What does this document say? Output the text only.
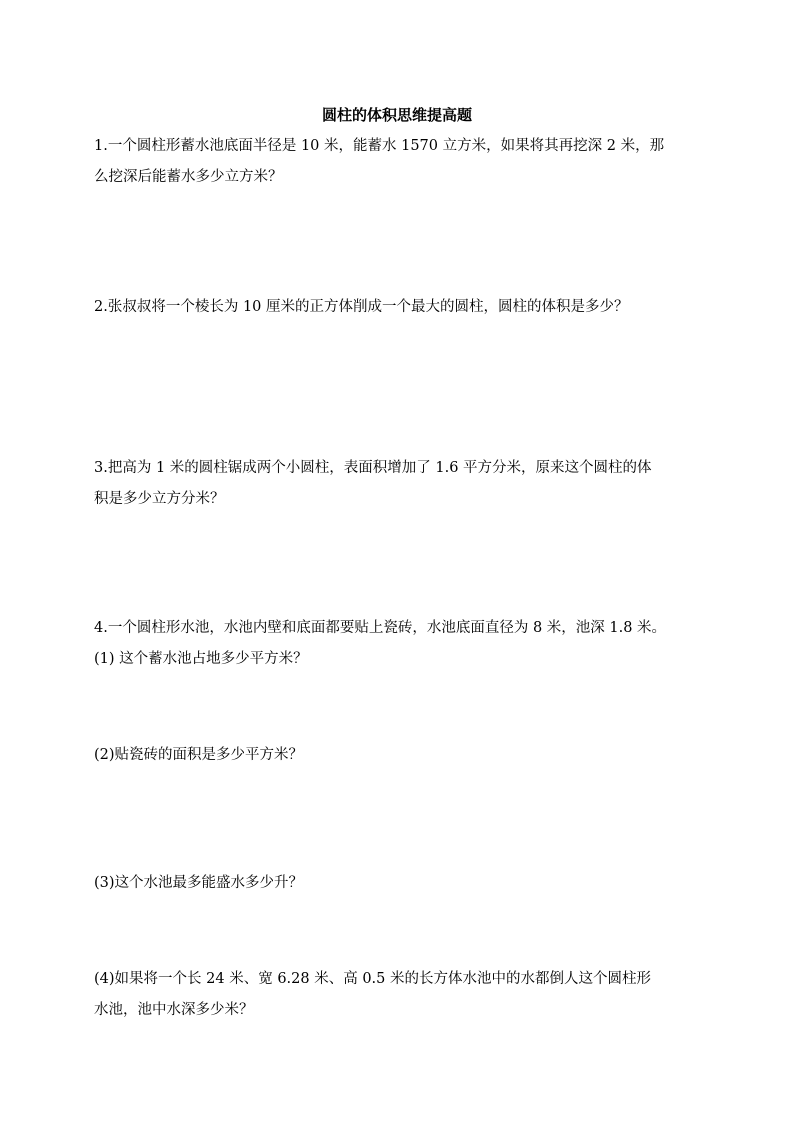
圆柱的体积思维提高题
1.一个圆柱形蓄水池底面半径是 10 米，能蓄水 1570 立方米，如果将其再挖深 2 米，那
么挖深后能蓄水多少立方米？
2.张叔叔将一个棱长为 10 厘米的正方体削成一个最大的圆柱，圆柱的体积是多少？
3.把高为 1 米的圆柱锯成两个小圆柱，表面积增加了 1.6 平方分米，原来这个圆柱的体
积是多少立方分米？
4.一个圆柱形水池，水池内壁和底面都要贴上瓷砖，水池底面直径为 8 米，池深 1.8 米。
(1) 这个蓄水池占地多少平方米？
(2)贴瓷砖的面积是多少平方米？
(3)这个水池最多能盛水多少升？
(4)如果将一个长 24 米、宽 6.28 米、高 0.5 米的长方体水池中的水都倒人这个圆柱形
水池，池中水深多少米？
